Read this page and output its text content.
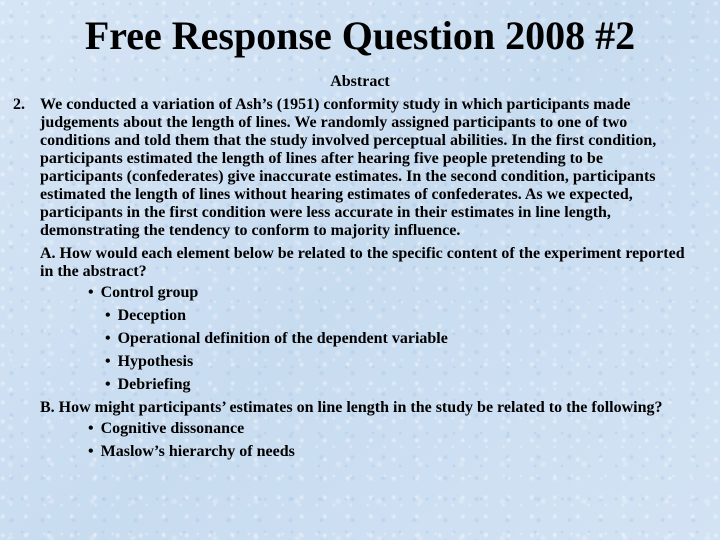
Free Response Question 2008 #2
Abstract
2. We conducted a variation of Ash’s (1951) conformity study in which participants made judgements about the length of lines. We randomly assigned participants to one of two conditions and told them that the study involved perceptual abilities. In the first condition, participants estimated the length of lines after hearing five people pretending to be participants (confederates) give inaccurate estimates. In the second condition, participants estimated the length of lines without hearing estimates of confederates. As we expected, participants in the first condition were less accurate in their estimates in line length, demonstrating the tendency to conform to majority influence.
A. How would each element below be related to the specific content of the experiment reported in the abstract?
• Control group
• Deception
• Operational definition of the dependent variable
• Hypothesis
• Debriefing
B. How might participants’ estimates on line length in the study be related to the following?
• Cognitive dissonance
• Maslow’s hierarchy of needs
